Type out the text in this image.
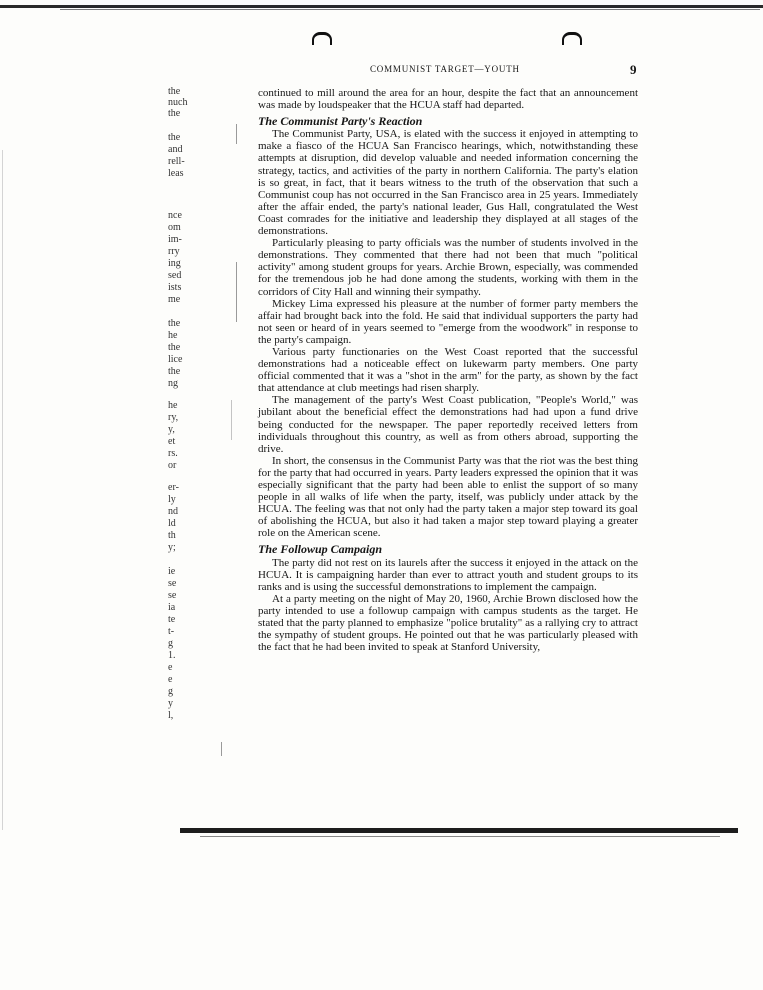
COMMUNIST TARGET—YOUTH	9
the
nuch
the
the
and
rell-
leas
nce
om
im-
rry
ing
sed
ists
me
the
he
the
lice
the
ng
he
ry,
y,
et
rs.
or
er-
ly
nd
ld
th
y;
ie
se
se
ia
te
t-
g
1.
e
e
g
y
l,

continued to mill around the area for an hour, despite the fact that an announcement was made by loudspeaker that the HCUA staff had departed.

The Communist Party's Reaction

The Communist Party, USA, is elated with the success it enjoyed in attempting to make a fiasco of the HCUA San Francisco hearings, which, notwithstanding these attempts at disruption, did develop valuable and needed information concerning the strategy, tactics, and activities of the party in northern California. The party's elation is so great, in fact, that it bears witness to the truth of the observation that such a Communist coup has not occurred in the San Francisco area in 25 years. Immediately after the affair ended, the party's national leader, Gus Hall, congratulated the West Coast comrades for the initiative and leadership they displayed at all stages of the demonstrations.

Particularly pleasing to party officials was the number of students involved in the demonstrations. They commented that there had not been that much "political activity" among student groups for years. Archie Brown, especially, was commended for the tremendous job he had done among the students, working with them in the corridors of City Hall and winning their sympathy.

Mickey Lima expressed his pleasure at the number of former party members the affair had brought back into the fold. He said that individual supporters the party had not seen or heard of in years seemed to "emerge from the woodwork" in response to the party's campaign.

Various party functionaries on the West Coast reported that the successful demonstrations had a noticeable effect on lukewarm party members. One party official commented that it was a "shot in the arm" for the party, as shown by the fact that attendance at club meetings had risen sharply.

The management of the party's West Coast publication, "People's World," was jubilant about the beneficial effect the demonstrations had had upon a fund drive being conducted for the newspaper. The paper reportedly received letters from individuals throughout this country, as well as from others abroad, supporting the drive.

In short, the consensus in the Communist Party was that the riot was the best thing for the party that had occurred in years. Party leaders expressed the opinion that it was especially significant that the party had been able to enlist the support of so many people in all walks of life when the party, itself, was publicly under attack by the HCUA. The feeling was that not only had the party taken a major step toward its goal of abolishing the HCUA, but also it had taken a major step toward playing a greater role on the American scene.

The Followup Campaign

The party did not rest on its laurels after the success it enjoyed in the attack on the HCUA. It is campaigning harder than ever to attract youth and student groups to its ranks and is using the successful demonstrations to implement the campaign.

At a party meeting on the night of May 20, 1960, Archie Brown disclosed how the party intended to use a followup campaign with campus students as the target. He stated that the party planned to emphasize "police brutality" as a rallying cry to attract the sympathy of student groups. He pointed out that he was particularly pleased with the fact that he had been invited to speak at Stanford University,
